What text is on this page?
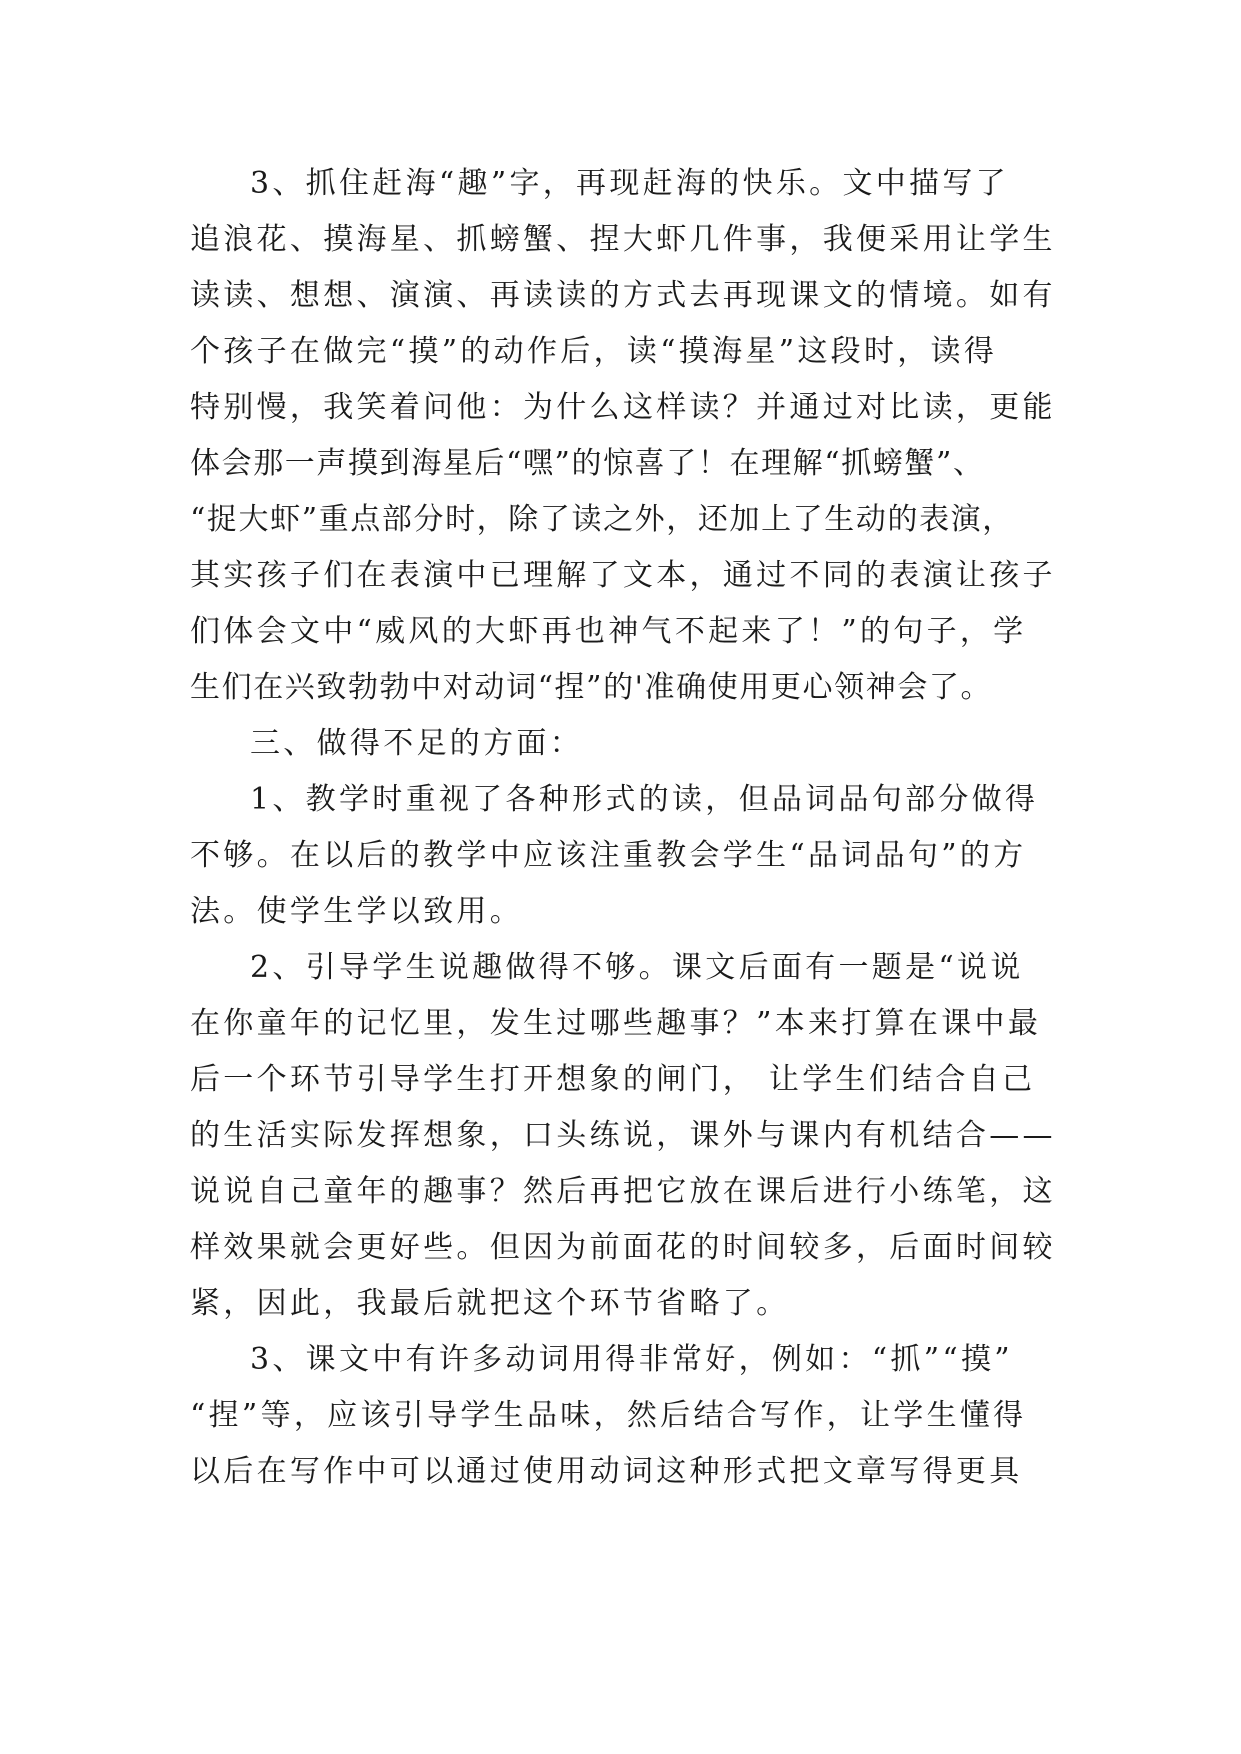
3、抓住赶海“趣”字，再现赶海的快乐。文中描写了
追浪花、摸海星、抓螃蟹、捏大虾几件事，我便采用让学生
读读、想想、演演、再读读的方式去再现课文的情境。如有
个孩子在做完“摸”的动作后，读“摸海星”这段时，读得
特别慢，我笑着问他：为什么这样读？并通过对比读，更能
体会那一声摸到海星后“嘿”的惊喜了！在理解“抓螃蟹”、
“捉大虾”重点部分时，除了读之外，还加上了生动的表演，
其实孩子们在表演中已理解了文本，通过不同的表演让孩子
们体会文中“威风的大虾再也神气不起来了！”的句子，学
生们在兴致勃勃中对动词“捏”的'准确使用更心领神会了。
三、做得不足的方面：
1、教学时重视了各种形式的读，但品词品句部分做得
不够。在以后的教学中应该注重教会学生“品词品句”的方
法。使学生学以致用。
2、引导学生说趣做得不够。课文后面有一题是“说说
在你童年的记忆里，发生过哪些趣事？”本来打算在课中最
后一个环节引导学生打开想象的闸门， 让学生们结合自己
的生活实际发挥想象，口头练说，课外与课内有机结合——
说说自己童年的趣事？然后再把它放在课后进行小练笔，这
样效果就会更好些。但因为前面花的时间较多，后面时间较
紧，因此，我最后就把这个环节省略了。
3、课文中有许多动词用得非常好，例如：“抓”“摸”
“捏”等，应该引导学生品味，然后结合写作，让学生懂得
以后在写作中可以通过使用动词这种形式把文章写得更具
